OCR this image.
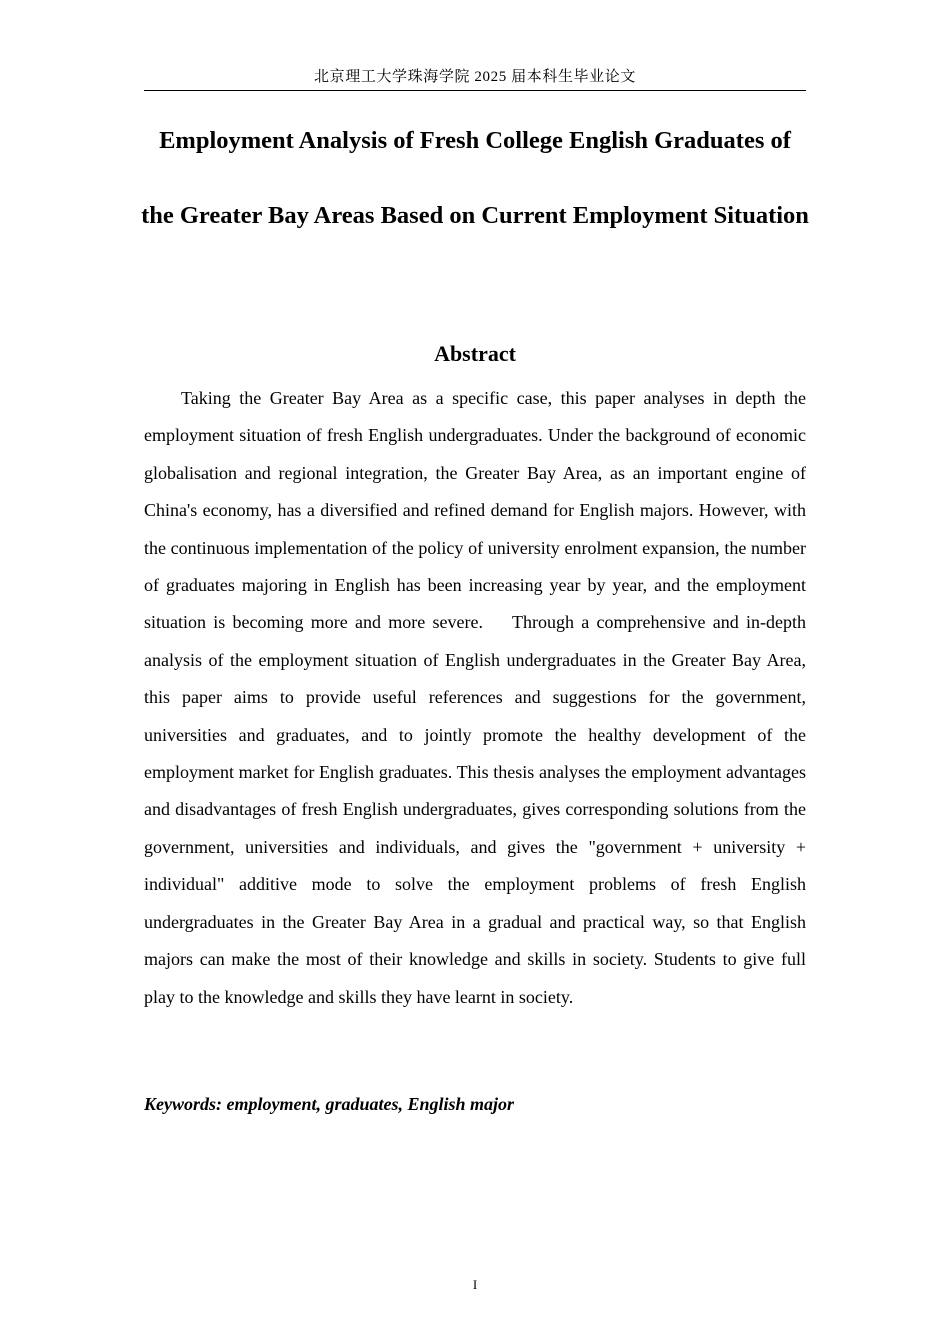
北京理工大学珠海学院 2025 届本科生毕业论文
Employment Analysis of Fresh College English Graduates of the Greater Bay Areas Based on Current Employment Situation
Abstract

Taking the Greater Bay Area as a specific case, this paper analyses in depth the employment situation of fresh English undergraduates. Under the background of economic globalisation and regional integration, the Greater Bay Area, as an important engine of China's economy, has a diversified and refined demand for English majors. However, with the continuous implementation of the policy of university enrolment expansion, the number of graduates majoring in English has been increasing year by year, and the employment situation is becoming more and more severe.    Through a comprehensive and in-depth analysis of the employment situation of English undergraduates in the Greater Bay Area, this paper aims to provide useful references and suggestions for the government, universities and graduates, and to jointly promote the healthy development of the employment market for English graduates. This thesis analyses the employment advantages and disadvantages of fresh English undergraduates, gives corresponding solutions from the government, universities and individuals, and gives the "government + university + individual" additive mode to solve the employment problems of fresh English undergraduates in the Greater Bay Area in a gradual and practical way, so that English majors can make the most of their knowledge and skills in society. Students to give full play to the knowledge and skills they have learnt in society.

Keywords: employment, graduates, English major

I
